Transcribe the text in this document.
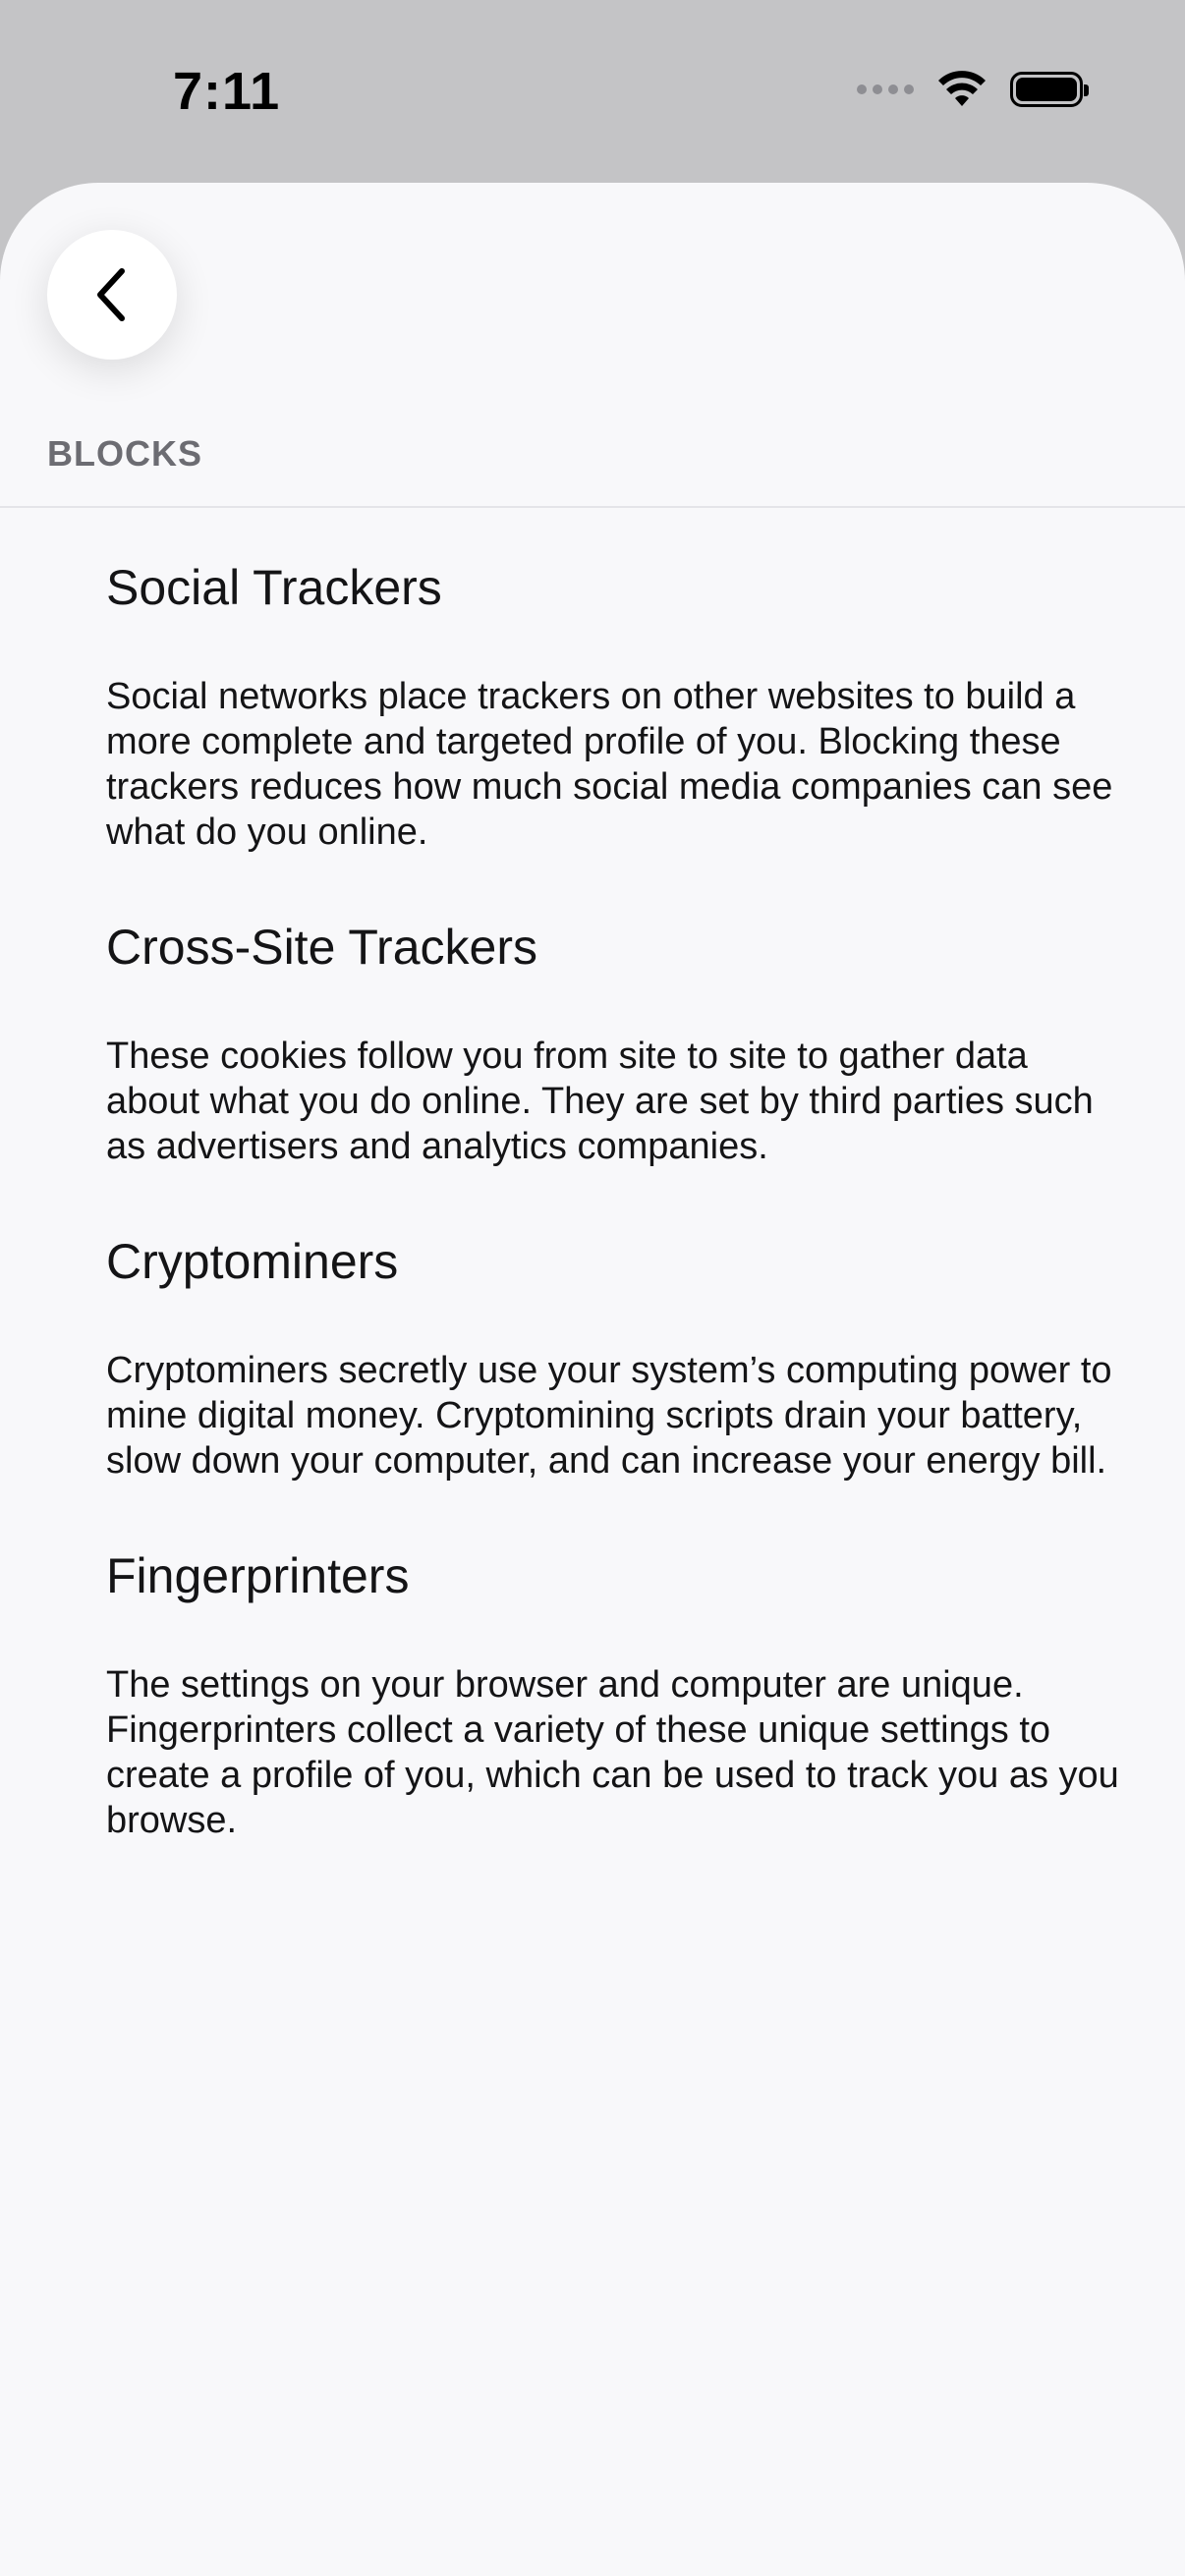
7:11
BLOCKS
Social Trackers

Social networks place trackers on other websites to build a more complete and targeted profile of you. Blocking these trackers reduces how much social media companies can see what do you online.

Cross-Site Trackers

These cookies follow you from site to site to gather data about what you do online. They are set by third parties such as advertisers and analytics companies.

Cryptominers

Cryptominers secretly use your system’s computing power to mine digital money. Cryptomining scripts drain your battery, slow down your computer, and can increase your energy bill.

Fingerprinters

The settings on your browser and computer are unique. Fingerprinters collect a variety of these unique settings to create a profile of you, which can be used to track you as you browse.
